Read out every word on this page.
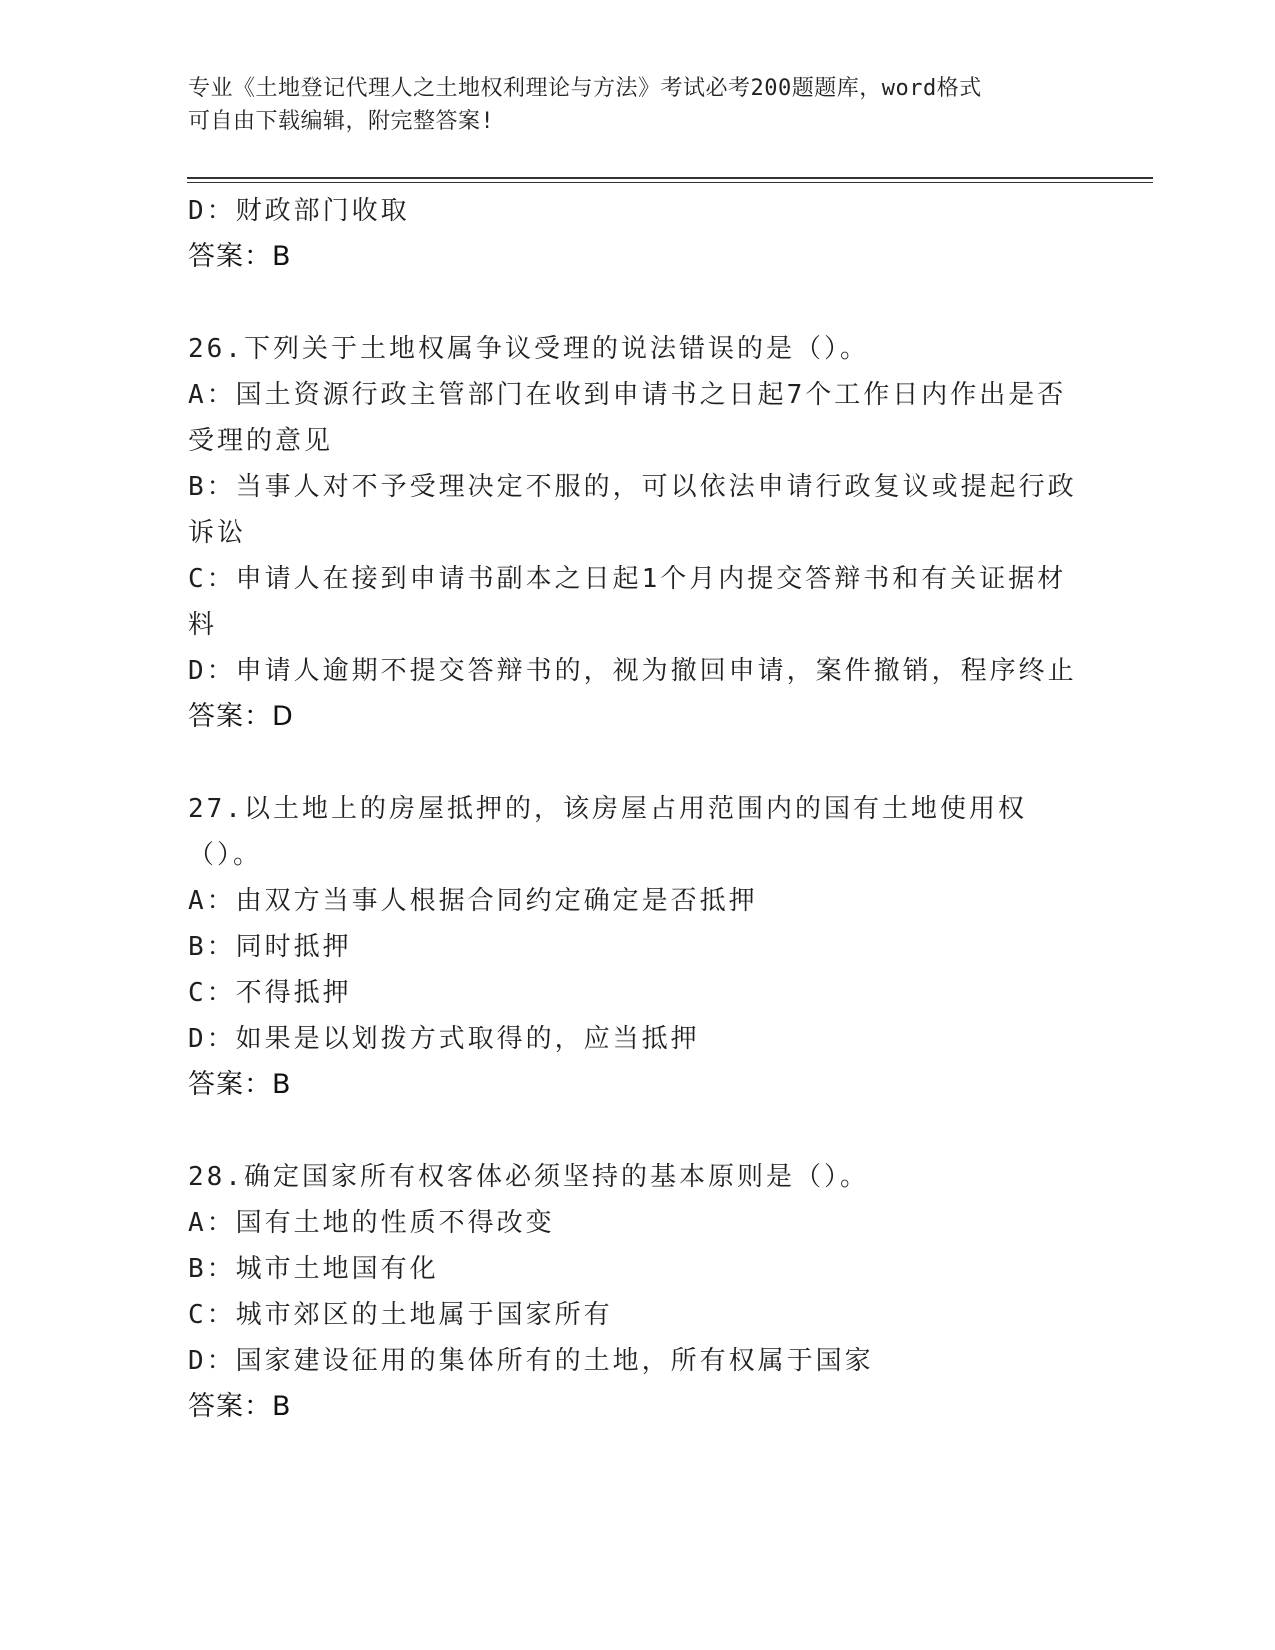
专业《土地登记代理人之土地权利理论与方法》考试必考200题题库，word格式
可自由下载编辑，附完整答案!
D：财政部门收取
答案：B
26.下列关于土地权属争议受理的说法错误的是（）。
A：国土资源行政主管部门在收到申请书之日起7个工作日内作出是否受理的意见
B：当事人对不予受理决定不服的，可以依法申请行政复议或提起行政诉讼
C：申请人在接到申请书副本之日起1个月内提交答辩书和有关证据材料
D：申请人逾期不提交答辩书的，视为撤回申请，案件撤销，程序终止
答案：D
27.以土地上的房屋抵押的，该房屋占用范围内的国有土地使用权（）。
A：由双方当事人根据合同约定确定是否抵押
B：同时抵押
C：不得抵押
D：如果是以划拨方式取得的，应当抵押
答案：B
28.确定国家所有权客体必须坚持的基本原则是（）。
A：国有土地的性质不得改变
B：城市土地国有化
C：城市郊区的土地属于国家所有
D：国家建设征用的集体所有的土地，所有权属于国家
答案：B
